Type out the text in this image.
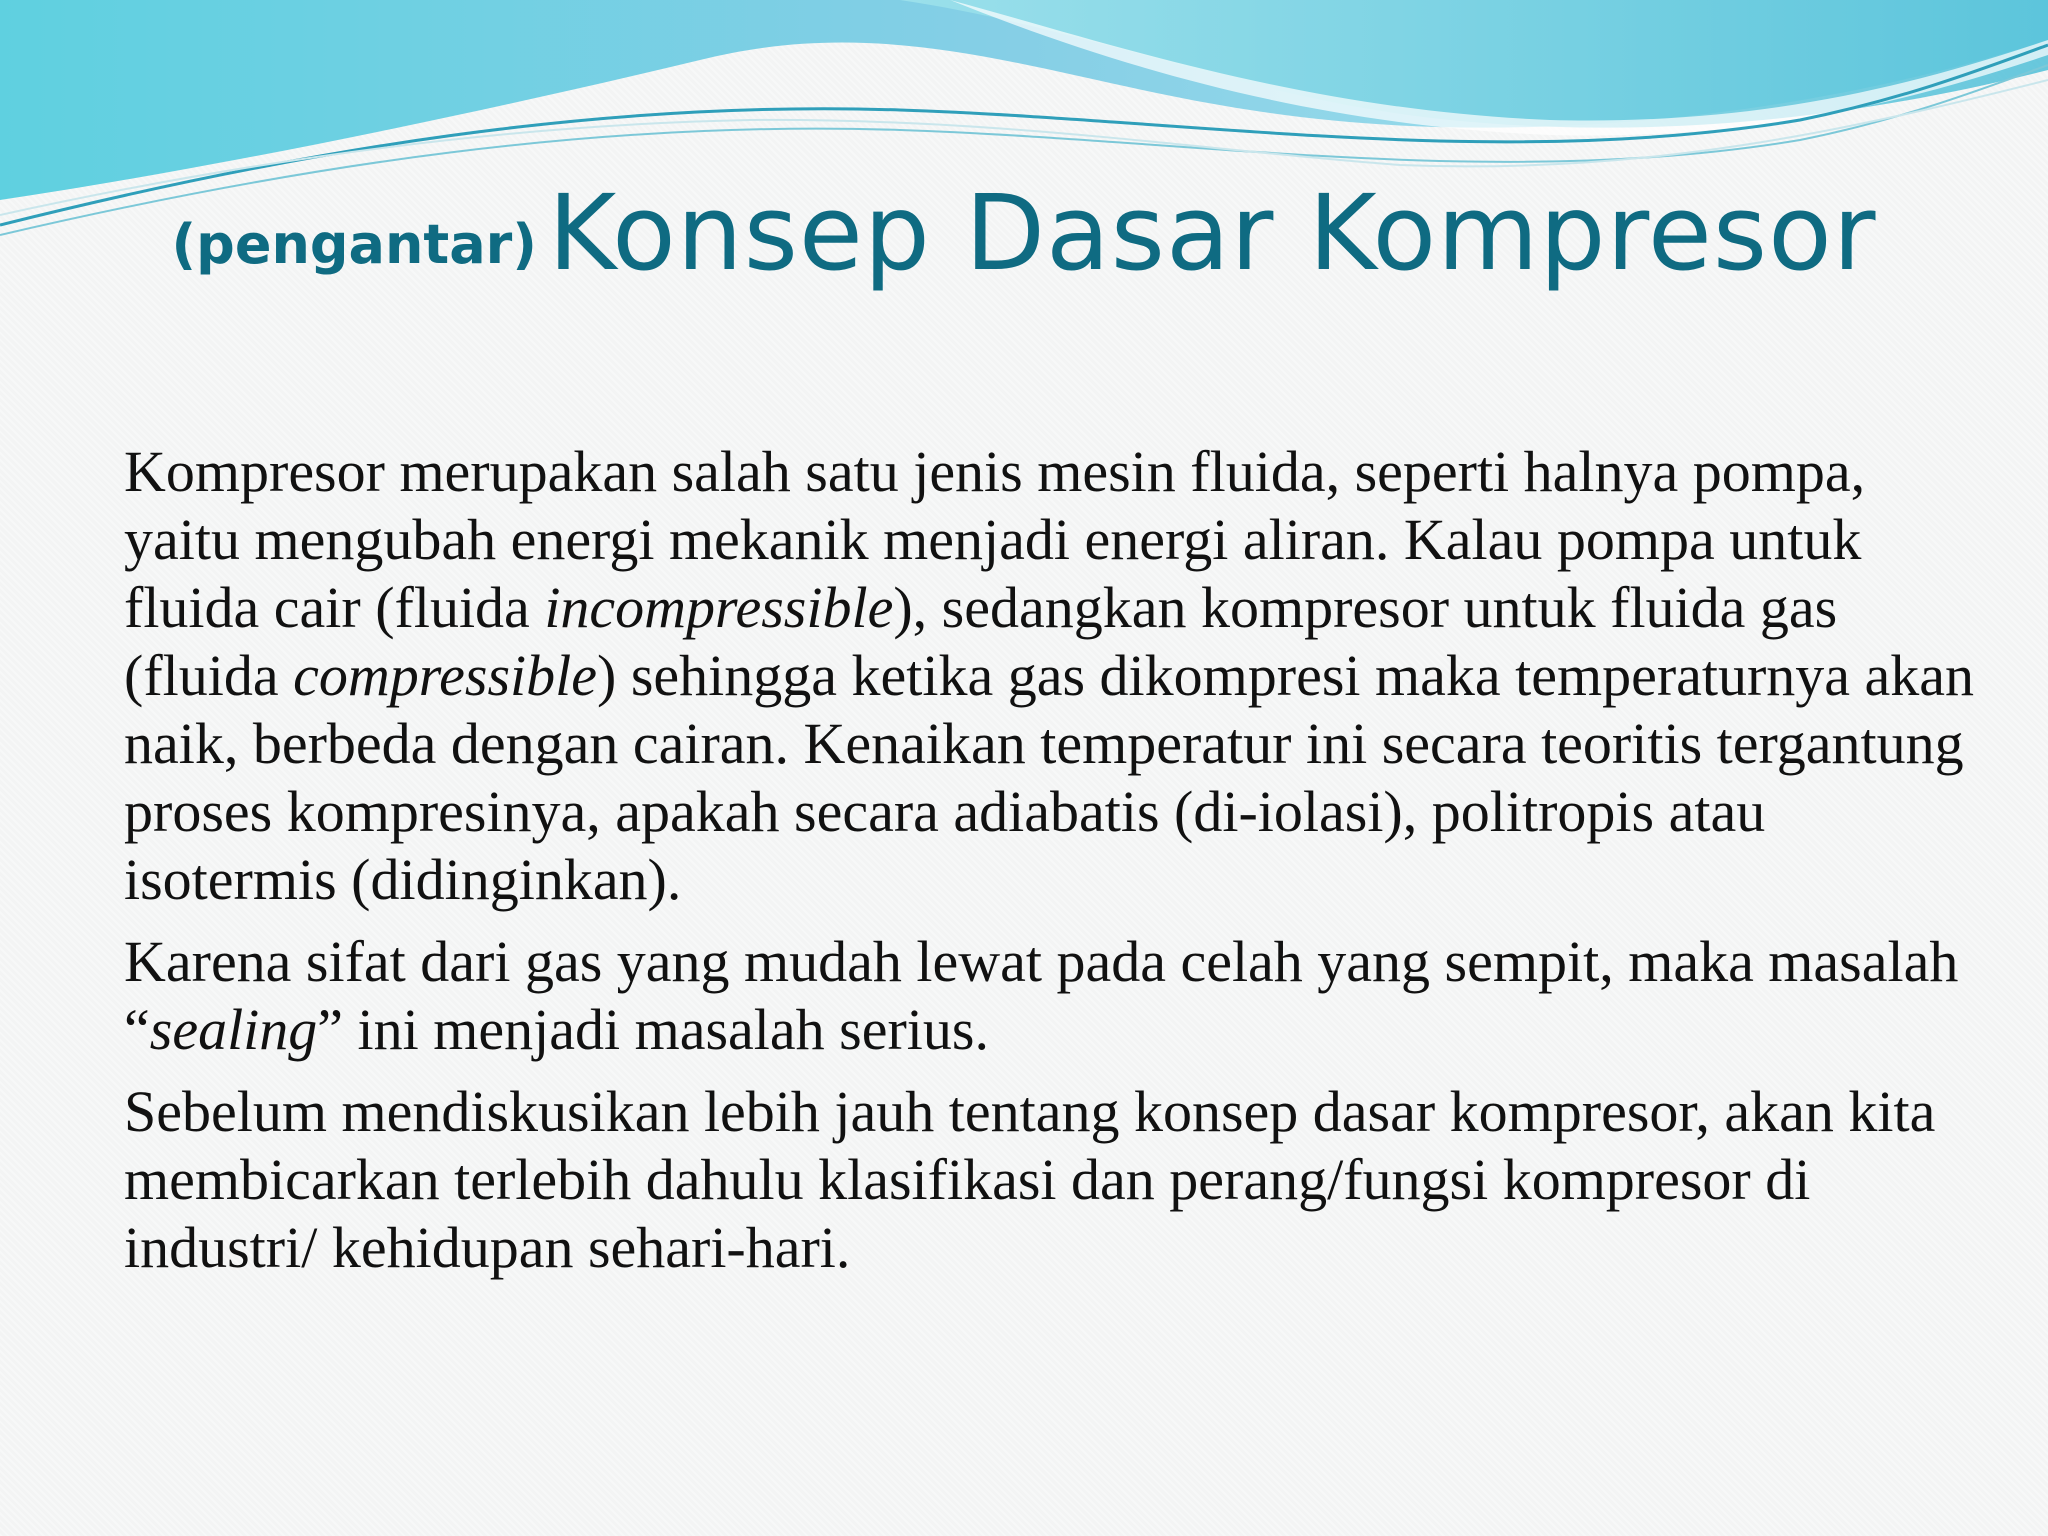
(pengantar) Konsep Dasar Kompresor

Kompresor merupakan salah satu jenis mesin fluida, seperti halnya pompa, yaitu mengubah energi mekanik menjadi energi aliran. Kalau pompa untuk fluida cair (fluida incompressible), sedangkan kompresor untuk fluida gas (fluida compressible) sehingga ketika gas dikompresi maka temperaturnya akan naik, berbeda dengan cairan. Kenaikan temperatur ini secara teoritis tergantung proses kompresinya, apakah secara adiabatis (di-iolasi), politropis atau isotermis (didinginkan).

Karena sifat dari gas yang mudah lewat pada celah yang sempit, maka masalah “sealing” ini menjadi masalah serius.

Sebelum mendiskusikan lebih jauh tentang konsep dasar kompresor, akan kita membicarkan terlebih dahulu klasifikasi dan perang/fungsi kompresor di industri/ kehidupan sehari-hari.
